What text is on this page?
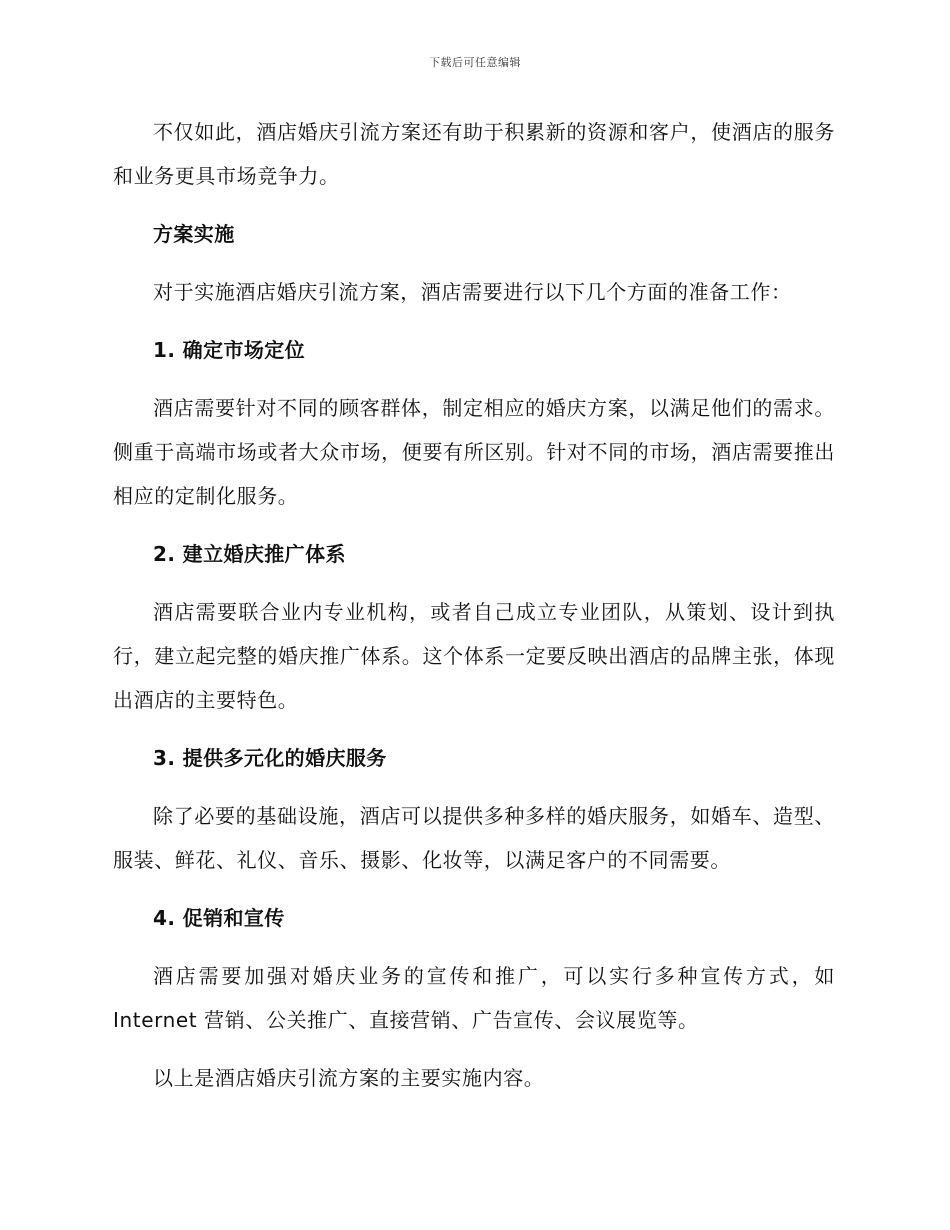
下载后可任意编辑

不仅如此，酒店婚庆引流方案还有助于积累新的资源和客户，使酒店的服务和业务更具市场竞争力。

方案实施

对于实施酒店婚庆引流方案，酒店需要进行以下几个方面的准备工作：

1. 确定市场定位

酒店需要针对不同的顾客群体，制定相应的婚庆方案，以满足他们的需求。侧重于高端市场或者大众市场，便要有所区别。针对不同的市场，酒店需要推出相应的定制化服务。

2. 建立婚庆推广体系

酒店需要联合业内专业机构，或者自己成立专业团队，从策划、设计到执行，建立起完整的婚庆推广体系。这个体系一定要反映出酒店的品牌主张，体现出酒店的主要特色。

3. 提供多元化的婚庆服务

除了必要的基础设施，酒店可以提供多种多样的婚庆服务，如婚车、造型、服装、鲜花、礼仪、音乐、摄影、化妆等，以满足客户的不同需要。

4. 促销和宣传

酒店需要加强对婚庆业务的宣传和推广，可以实行多种宣传方式，如Internet 营销、公关推广、直接营销、广告宣传、会议展览等。

以上是酒店婚庆引流方案的主要实施内容。
